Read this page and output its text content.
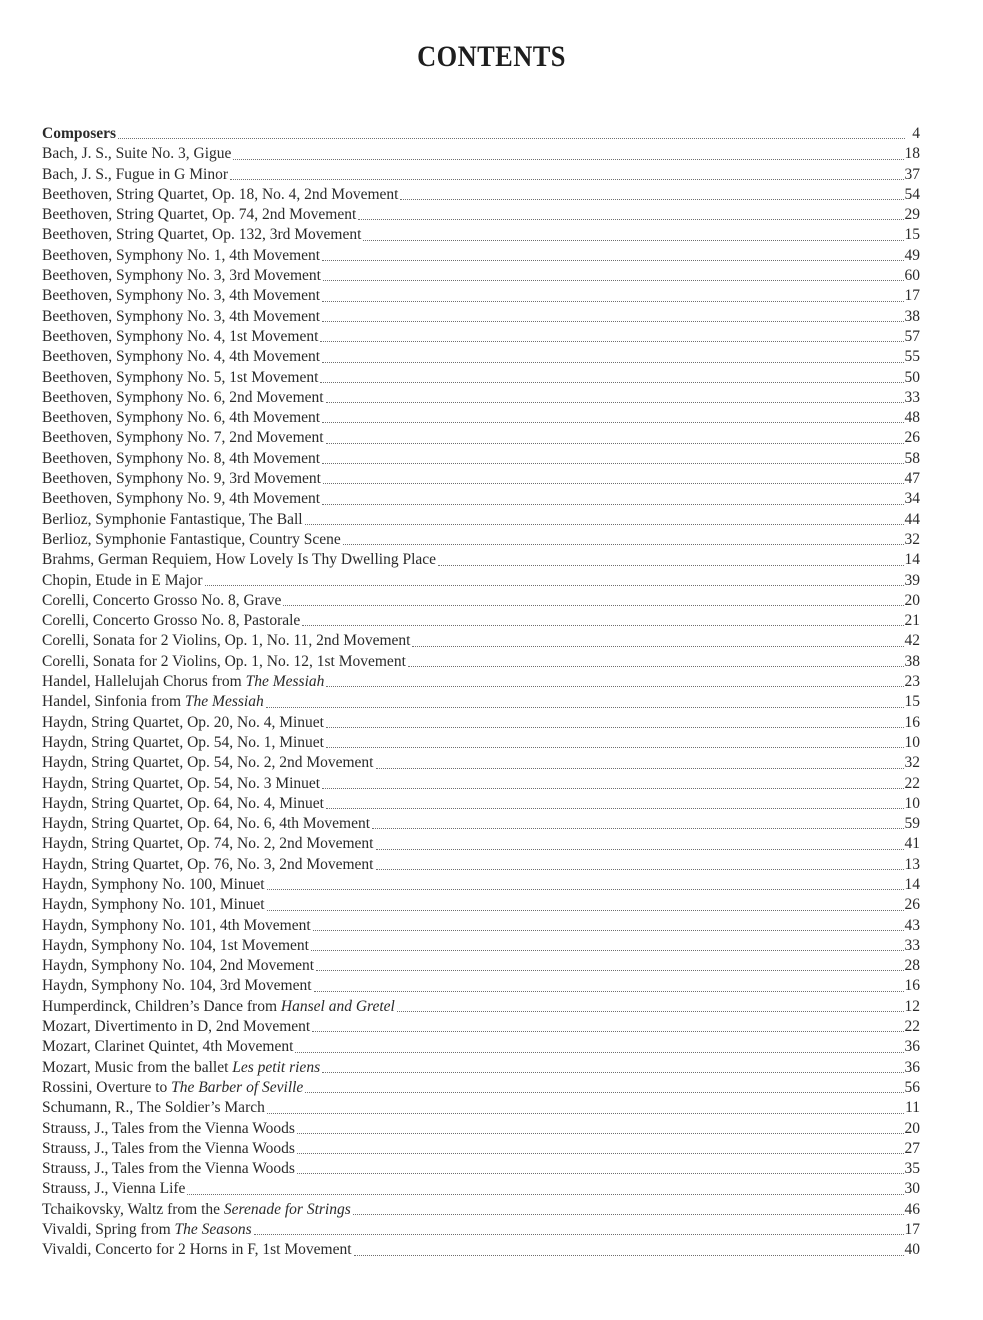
CONTENTS
Composers	4
Bach, J. S., Suite No. 3, Gigue	18
Bach, J. S., Fugue in G Minor	37
Beethoven, String Quartet, Op. 18, No. 4, 2nd Movement	54
Beethoven, String Quartet, Op. 74, 2nd Movement	29
Beethoven, String Quartet, Op. 132, 3rd Movement	15
Beethoven, Symphony No. 1, 4th Movement	49
Beethoven, Symphony No. 3, 3rd Movement	60
Beethoven, Symphony No. 3, 4th Movement	17
Beethoven, Symphony No. 3, 4th Movement	38
Beethoven, Symphony No. 4, 1st Movement	57
Beethoven, Symphony No. 4, 4th Movement	55
Beethoven, Symphony No. 5, 1st Movement	50
Beethoven, Symphony No. 6, 2nd Movement	33
Beethoven, Symphony No. 6, 4th Movement	48
Beethoven, Symphony No. 7, 2nd Movement	26
Beethoven, Symphony No. 8, 4th Movement	58
Beethoven, Symphony No. 9, 3rd Movement	47
Beethoven, Symphony No. 9, 4th Movement	34
Berlioz, Symphonie Fantastique, The Ball	44
Berlioz, Symphonie Fantastique, Country Scene	32
Brahms, German Requiem, How Lovely Is Thy Dwelling Place	14
Chopin, Etude in E Major	39
Corelli, Concerto Grosso No. 8, Grave	20
Corelli, Concerto Grosso No. 8, Pastorale	21
Corelli, Sonata for 2 Violins, Op. 1, No. 11, 2nd Movement	42
Corelli, Sonata for 2 Violins, Op. 1, No. 12, 1st Movement	38
Handel, Hallelujah Chorus from The Messiah	23
Handel, Sinfonia from The Messiah	15
Haydn, String Quartet, Op. 20, No. 4, Minuet	16
Haydn, String Quartet, Op. 54, No. 1, Minuet	10
Haydn, String Quartet, Op. 54, No. 2, 2nd Movement	32
Haydn, String Quartet, Op. 54, No. 3 Minuet	22
Haydn, String Quartet, Op. 64, No. 4, Minuet	10
Haydn, String Quartet, Op. 64, No. 6, 4th Movement	59
Haydn, String Quartet, Op. 74, No. 2, 2nd Movement	41
Haydn, String Quartet, Op. 76, No. 3, 2nd Movement	13
Haydn, Symphony No. 100, Minuet	14
Haydn, Symphony No. 101, Minuet	26
Haydn, Symphony No. 101, 4th Movement	43
Haydn, Symphony No. 104, 1st Movement	33
Haydn, Symphony No. 104, 2nd Movement	28
Haydn, Symphony No. 104, 3rd Movement	16
Humperdinck, Children’s Dance from Hansel and Gretel	12
Mozart, Divertimento in D, 2nd Movement	22
Mozart, Clarinet Quintet, 4th Movement	36
Mozart, Music from the ballet Les petit riens	36
Rossini, Overture to The Barber of Seville	56
Schumann, R., The Soldier’s March	11
Strauss, J., Tales from the Vienna Woods	20
Strauss, J., Tales from the Vienna Woods	27
Strauss, J., Tales from the Vienna Woods	35
Strauss, J., Vienna Life	30
Tchaikovsky, Waltz from the Serenade for Strings	46
Vivaldi, Spring from The Seasons	17
Vivaldi, Concerto for 2 Horns in F, 1st Movement	40
